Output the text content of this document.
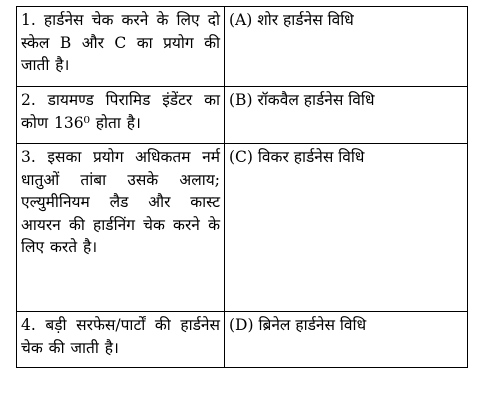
1. हार्डनेस चेक करने के लिए दो स्केल B और C का प्रयोग की जाती है।	(A) शोर हार्डनेस विधि
2. डायमण्ड पिरामिड इंडेंटर का कोण 136⁰ होता है।	(B) रॉकवैल हार्डनेस विधि
3. इसका प्रयोग अधिकतम नर्म धातुओं तांबा उसके अलाय; एल्युमीनियम लैड और कास्ट आयरन की हार्डनिंग चेक करने के लिए करते है।	(C) विकर हार्डनेस विधि
4. बड़ी सरफेस/पार्टों की हार्डनेस चेक की जाती है।	(D) ब्रिनेल हार्डनेस विधि
